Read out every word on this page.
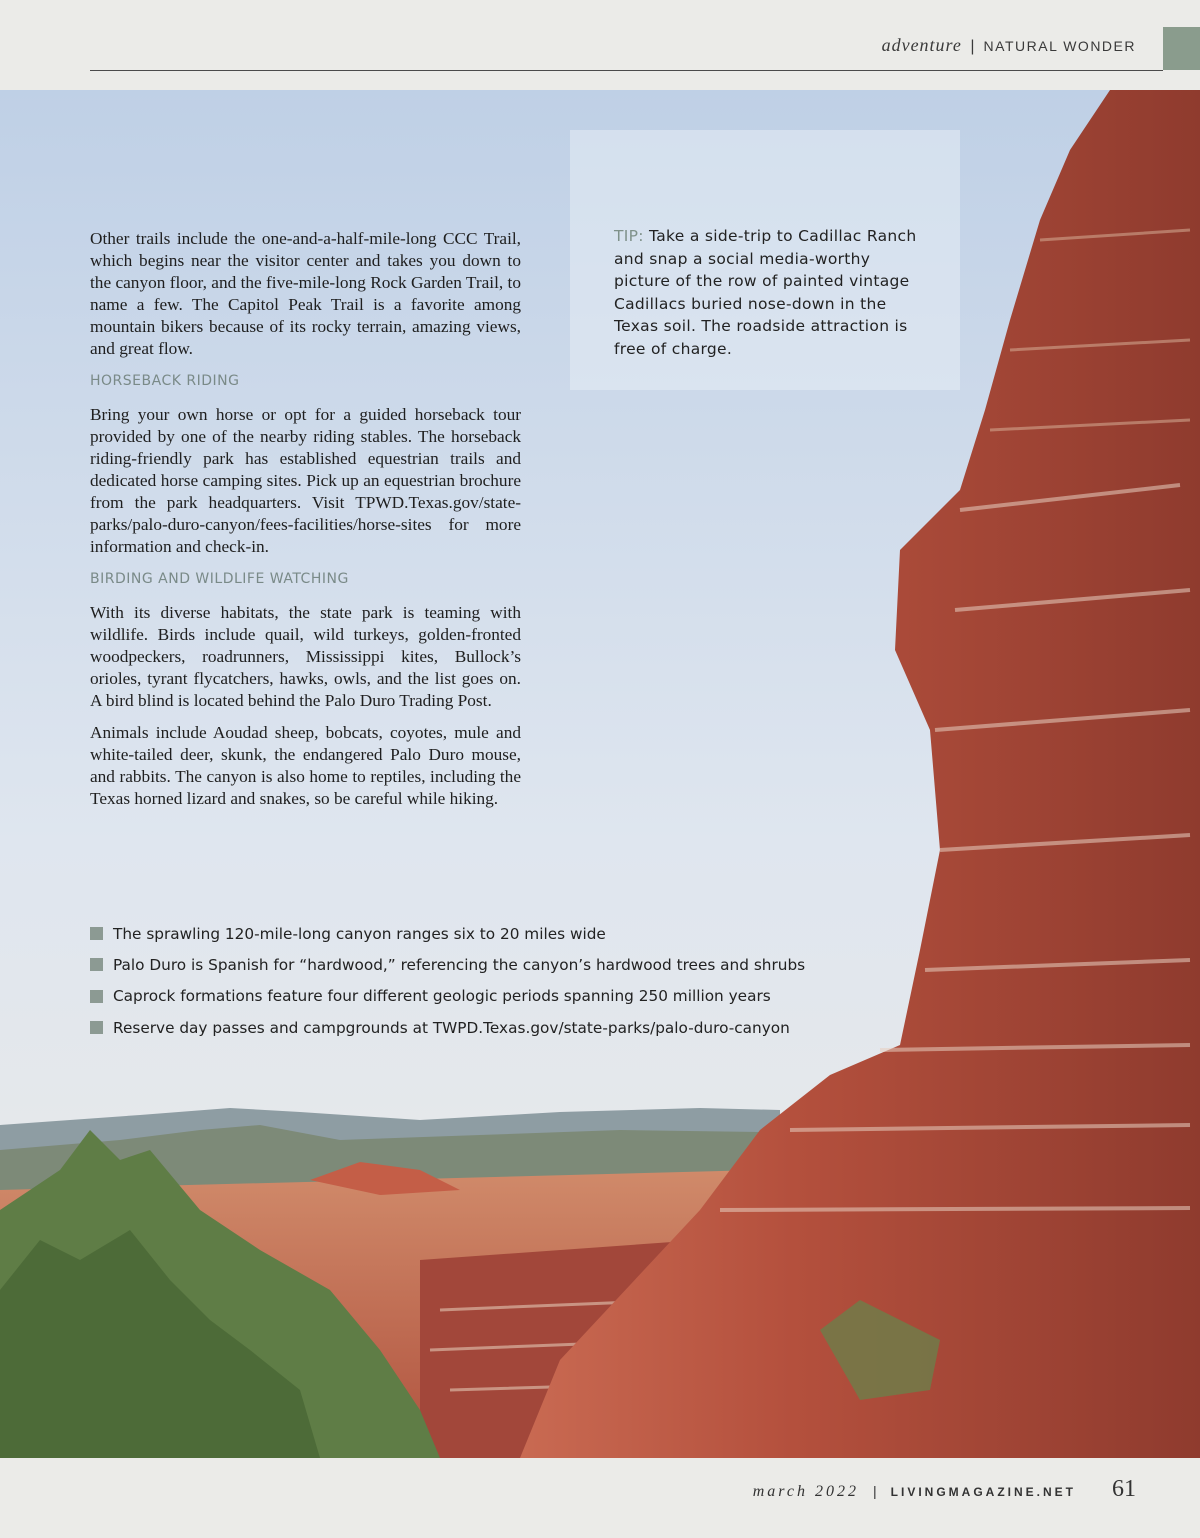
adventure | NATURAL WONDER
TIP: Take a side-trip to Cadillac Ranch and snap a social media-worthy picture of the row of painted vintage Cadillacs buried nose-down in the Texas soil. The roadside attraction is free of charge.

Other trails include the one-and-a-half-mile-long CCC Trail, which begins near the visitor center and takes you down to the canyon floor, and the five-mile-long Rock Garden Trail, to name a few. The Capitol Peak Trail is a favorite among mountain bikers because of its rocky terrain, amazing views, and great flow.

HORSEBACK RIDING

Bring your own horse or opt for a guided horseback tour provided by one of the nearby riding stables. The horseback riding-friendly park has established equestrian trails and dedicated horse camping sites. Pick up an equestrian brochure from the park headquarters. Visit TPWD.Texas.gov/state-parks/palo-duro-canyon/fees-facilities/horse-sites for more information and check-in.

BIRDING AND WILDLIFE WATCHING

With its diverse habitats, the state park is teaming with wildlife. Birds include quail, wild turkeys, golden-fronted woodpeckers, roadrunners, Mississippi kites, Bullock’s orioles, tyrant flycatchers, hawks, owls, and the list goes on. A bird blind is located behind the Palo Duro Trading Post.

Animals include Aoudad sheep, bobcats, coyotes, mule and white-tailed deer, skunk, the endangered Palo Duro mouse, and rabbits. The canyon is also home to reptiles, including the Texas horned lizard and snakes, so be careful while hiking.

The sprawling 120-mile-long canyon ranges six to 20 miles wide
Palo Duro is Spanish for “hardwood,” referencing the canyon’s hardwood trees and shrubs
Caprock formations feature four different geologic periods spanning 250 million years
Reserve day passes and campgrounds at TWPD.Texas.gov/state-parks/palo-duro-canyon
march 2022 | LIVINGMAGAZINE.NET 61
